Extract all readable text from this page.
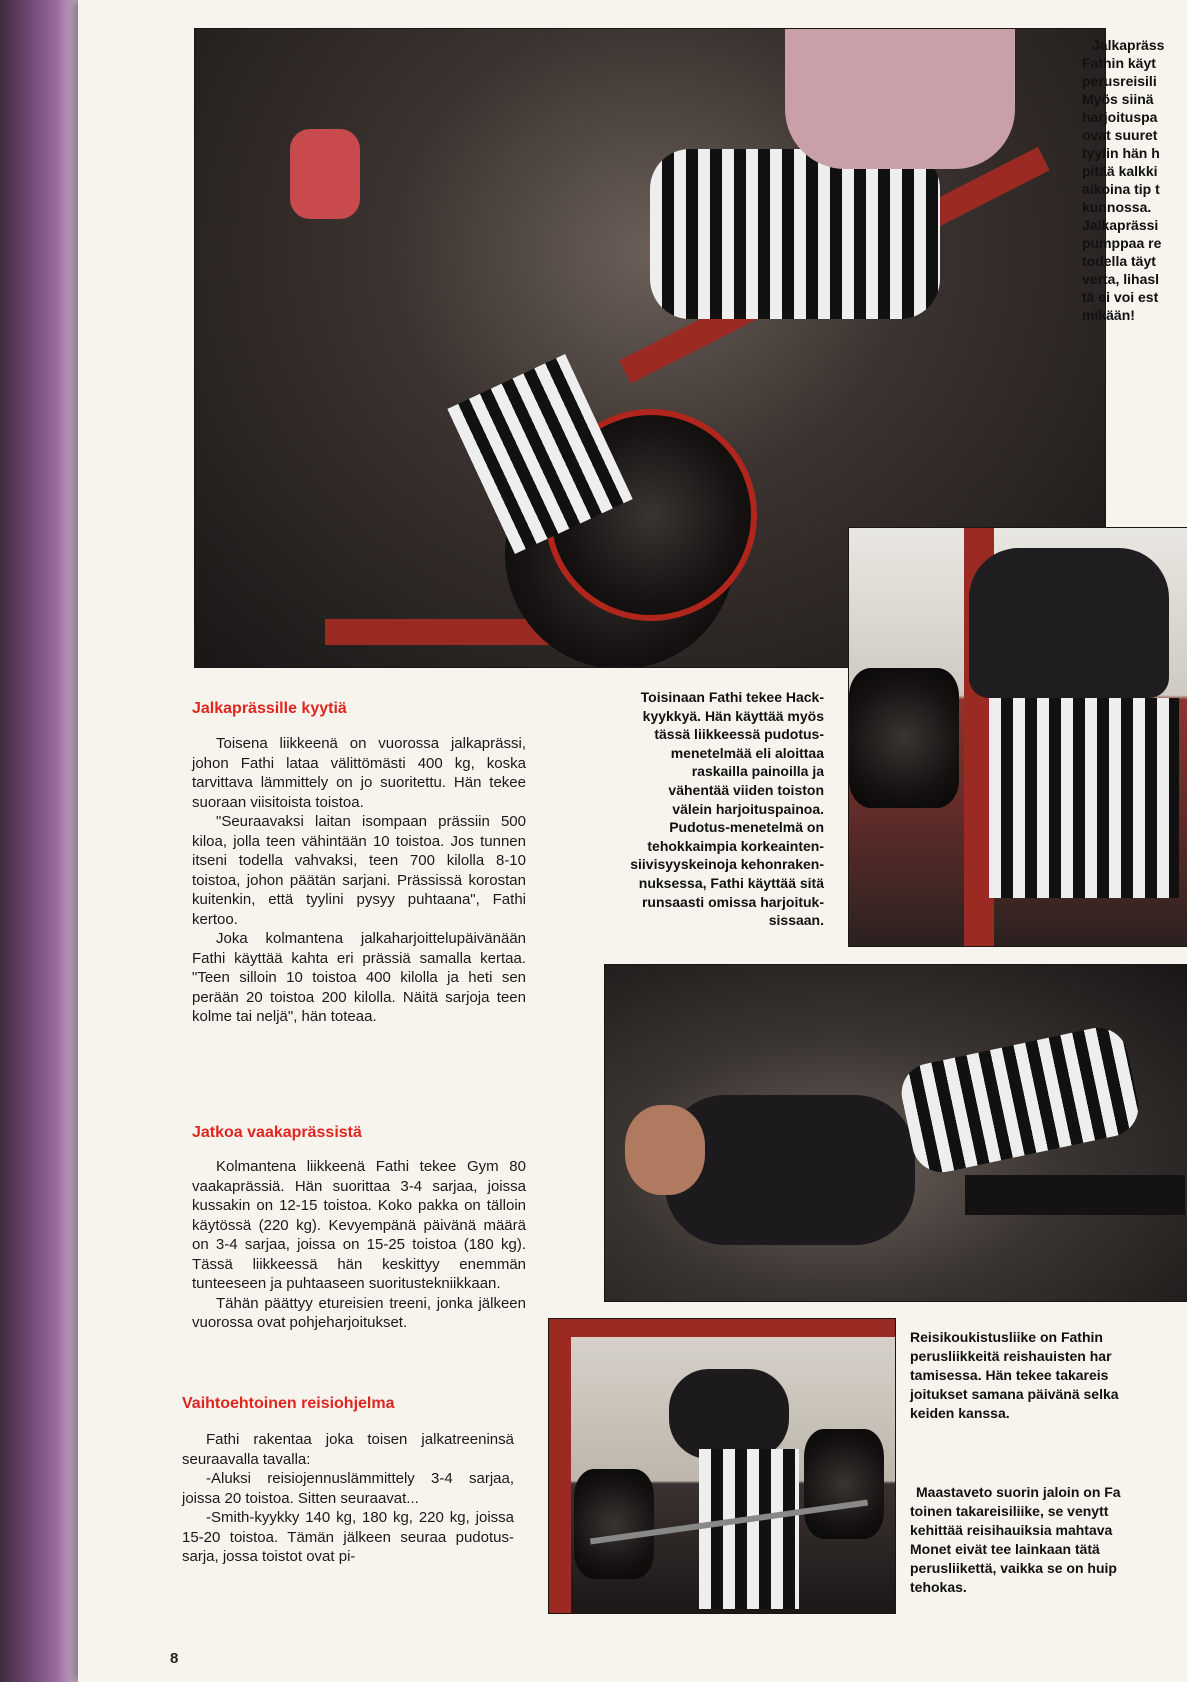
Jalkapräss
Fathin käyt
perusreisili
Myös siinä
harjoituspa
ovat suuret
tyylin hän h
pitää kalkki
aikoina tip t
kunnossa.
Jalkaprässi
pumppaa re
todella täyt
verta, lihasl
tä ei voi est
mikään!
Toisinaan Fathi tekee Hack-
kyykkyä. Hän käyttää myös
tässä liikkeessä pudotus-
menetelmää eli aloittaa
raskailla painoilla ja
vähentää viiden toiston
välein harjoituspainoa.
Pudotus-menetelmä on
tehokkaimpia korkeainten-
siivisyyskeinoja kehonraken-
nuksessa, Fathi käyttää sitä
runsaasti omissa harjoituk-
sissaan.
Reisikoukistusliike on Fathin
perusliikkeitä reishauisten har
tamisessa. Hän tekee takareis
joitukset samana päivänä selka
keiden kanssa.
Maastaveto suorin jaloin on Fa
toinen takareisiliike, se venytt
kehittää reisihauiksia mahtava
Monet eivät tee lainkaan tätä
perusliikettä, vaikka se on huip
tehokas.
Jalkaprässille kyytiä

Toisena liikkeenä on vuorossa jalkaprässi, johon Fathi lataa välittömästi 400 kg, koska tarvittava lämmittely on jo suoritettu. Hän tekee suoraan viisitoista toistoa.

"Seuraavaksi laitan isompaan prässiin 500 kiloa, jolla teen vähintään 10 toistoa. Jos tunnen itseni todella vahvaksi, teen 700 kilolla 8-10 toistoa, johon päätän sarjani. Prässissä korostan kuitenkin, että tyylini pysyy puhtaana", Fathi kertoo.

Joka kolmantena jalkaharjoittelupäivänään Fathi käyttää kahta eri prässiä samalla kertaa. "Teen silloin 10 toistoa 400 kilolla ja heti sen perään 20 toistoa 200 kilolla. Näitä sarjoja teen kolme tai neljä", hän toteaa.

Jatkoa vaakaprässistä

Kolmantena liikkeenä Fathi tekee Gym 80 vaakaprässiä. Hän suorittaa 3-4 sarjaa, joissa kussakin on 12-15 toistoa. Koko pakka on tälloin käytössä (220 kg). Kevyempänä päivänä määrä on 3-4 sarjaa, joissa on 15-25 toistoa (180 kg). Tässä liikkeessä hän keskittyy enemmän tunteeseen ja puhtaaseen suoritustekniikkaan.

Tähän päättyy etureisien treeni, jonka jälkeen vuorossa ovat pohjeharjoitukset.

Vaihtoehtoinen reisiohjelma

Fathi rakentaa joka toisen jalkatreeninsä seuraavalla tavalla:

-Aluksi reisiojennuslämmittely 3-4 sarjaa, joissa 20 toistoa. Sitten seuraavat...

-Smith-kyykky 140 kg, 180 kg, 220 kg, joissa 15-20 toistoa. Tämän jälkeen seuraa pudotus-sarja, jossa toistot ovat pi-

8
